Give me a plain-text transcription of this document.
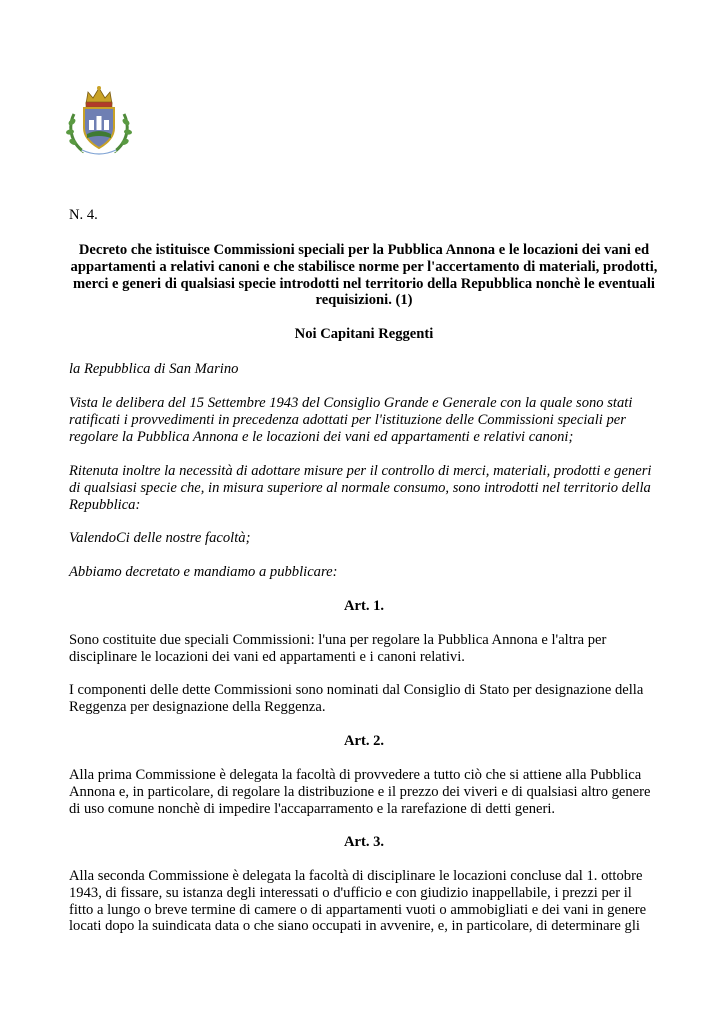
N. 4.

Decreto che istituisce Commissioni speciali per la Pubblica Annona e le locazioni dei vani ed appartamenti a relativi canoni e che stabilisce norme per l'accertamento di materiali, prodotti, merci e generi di qualsiasi specie introdotti nel territorio della Repubblica nonchè le eventuali requisizioni. (1)

Noi Capitani Reggenti

la Repubblica di San Marino

Vista le delibera del 15 Settembre 1943 del Consiglio Grande e Generale con la quale sono stati ratificati i provvedimenti in precedenza adottati per l'istituzione delle Commissioni speciali per regolare la Pubblica Annona e le locazioni dei vani ed appartamenti e relativi canoni;

Ritenuta inoltre la necessità di adottare misure per il controllo di merci, materiali, prodotti e generi di qualsiasi specie che, in misura superiore al normale consumo, sono introdotti nel territorio della Repubblica:

ValendoCi delle nostre facoltà;

Abbiamo decretato e mandiamo a pubblicare:

Art. 1.

Sono costituite due speciali Commissioni: l'una per regolare la Pubblica Annona e l'altra per disciplinare le locazioni dei vani ed appartamenti e i canoni relativi.

I componenti delle dette Commissioni sono nominati dal Consiglio di Stato per designazione della Reggenza per designazione della Reggenza.

Art. 2.

Alla prima Commissione è delegata la facoltà di provvedere a tutto ciò che si attiene alla Pubblica Annona e, in particolare, di regolare la distribuzione e il prezzo dei viveri e di qualsiasi altro genere di uso comune nonchè di impedire l'accaparramento e la rarefazione di detti generi.

Art. 3.

Alla seconda Commissione è delegata la facoltà di disciplinare le locazioni concluse dal 1. ottobre 1943, di fissare, su istanza degli interessati o d'ufficio e con giudizio inappellabile, i prezzi per il fitto a lungo o breve termine di camere o di appartamenti vuoti o ammobigliati e dei vani in genere locati dopo la suindicata data o che siano occupati in avvenire, e, in particolare, di determinare gli
